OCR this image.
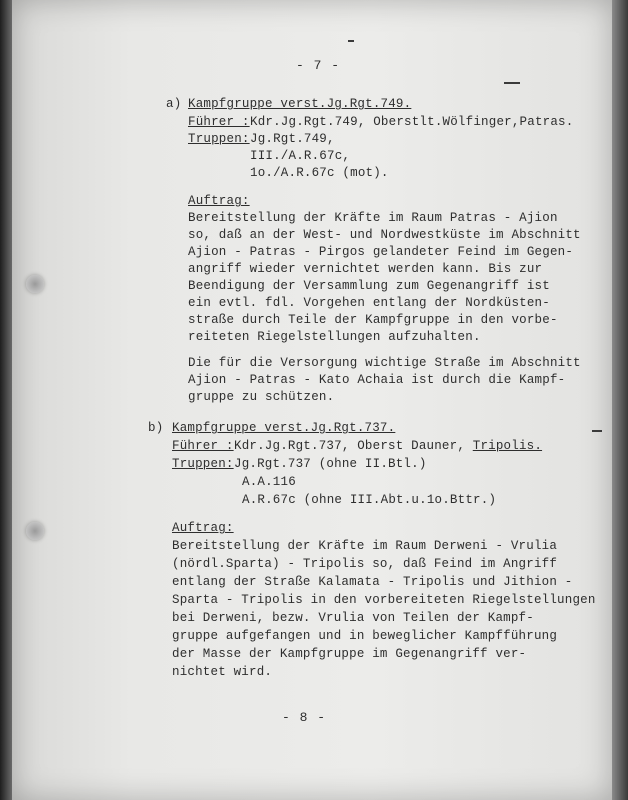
- 7 -
a) Kampfgruppe verst.Jg.Rgt.749.
Führer : Kdr.Jg.Rgt.749, Oberstlt.Wölfinger,Patras.
Truppen: Jg.Rgt.749,
III./A.R.67c,
1o./A.R.67c (mot).
Auftrag:
Bereitstellung der Kräfte im Raum Patras - Ajion
so, daß an der West- und Nordwestküste im Abschnitt
Ajion - Patras - Pirgos gelandeter Feind im Gegen-
angriff wieder vernichtet werden kann. Bis zur
Beendigung der Versammlung zum Gegenangriff ist
ein evtl. fdl. Vorgehen entlang der Nordküsten-
straße durch Teile der Kampfgruppe in den vorbe-
reiteten Riegelstellungen aufzuhalten.
Die für die Versorgung wichtige Straße im Abschnitt
Ajion - Patras - Kato Achaia ist durch die Kampf-
gruppe zu schützen.
b) Kampfgruppe verst.Jg.Rgt.737.
Führer : Kdr.Jg.Rgt.737, Oberst Dauner, Tripolis.
Truppen: Jg.Rgt.737 (ohne II.Btl.)
A.A.116
A.R.67c (ohne III.Abt.u.1o.Bttr.)
Auftrag:
Bereitstellung der Kräfte im Raum Derweni - Vrulia
(nördl.Sparta) - Tripolis so, daß Feind im Angriff
entlang der Straße Kalamata - Tripolis und Jithion -
Sparta - Tripolis in den vorbereiteten Riegelstellungen
bei Derweni, bezw. Vrulia von Teilen der Kampf-
gruppe aufgefangen und in beweglicher Kampfführung
der Masse der Kampfgruppe im Gegenangriff ver-
nichtet wird.
- 8 -
